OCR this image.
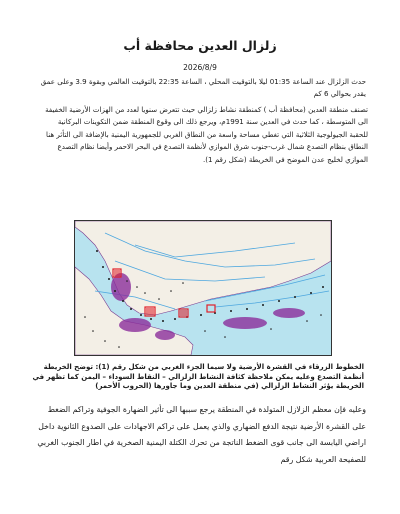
زلزال العدين محافظة أب
2026/8/9
حدث الزلزال عند الساعة 01:35 ليلا بالتوقيت المحلي ، الساعة 22:35 بالتوقيت العالمي وبقوة 3.9 وعلى عمق يقدر بحوالي 6 كم
تصنف منطقة العدين (محافظة أب ) كمنطقة نشاط زلزالي حيث تتعرض سنويا لعدد من الهزات الأرضية الخفيفة الى المتوسطة ، كما حدث في العدين سنة 1991م، ويرجع ذلك الى وقوع المنطقة ضمن التكوينات البركانية للحقبة الجيولوجية الثلاثية التي تغطي مساحة واسعة من النطاق الغربي للجمهورية اليمنية بالإضافة الى التأثر هنا النطاق بنظام التصدع شمال غرب-جنوب شرق الموازي لأنظمة التصدع في البحر الاحمر وأيضا نظام التصدع الموازي لخليج عدن الموضح في الخريطة (شكل رقم 1).
الخطوط الزرقاء في القشرة الأرضية ولا سيما الجزء الغربي من شكل رقم (1): توضح الخريطة أنظمة التصدع وعليه يمكن ملاحظة كثافة النشاط الزلزالي – النقاط السوداء – اليمن كما تظهر في الخريطة يؤثر النشاط الزلزالي (في منطقة العدين وما جاورها (الحروب الأحمر)
وعليه فإن معظم الزلازل المتولدة في المنطقة يرجع سببها الى تأثير الضهارة الجوفية وتراكم الضغط على القشرة الأرضية نتيجة الدفع الضهاري والذي يعمل على تراكم الاجهادات على الصدوع الثانوية داخل اراضي اليابسة الى جانب قوى الضغط الناتجة من تحرك الكتلة اليمنية الصخرية في اطار الجنوب الغربي للصفيحة العربية شكل رقم
